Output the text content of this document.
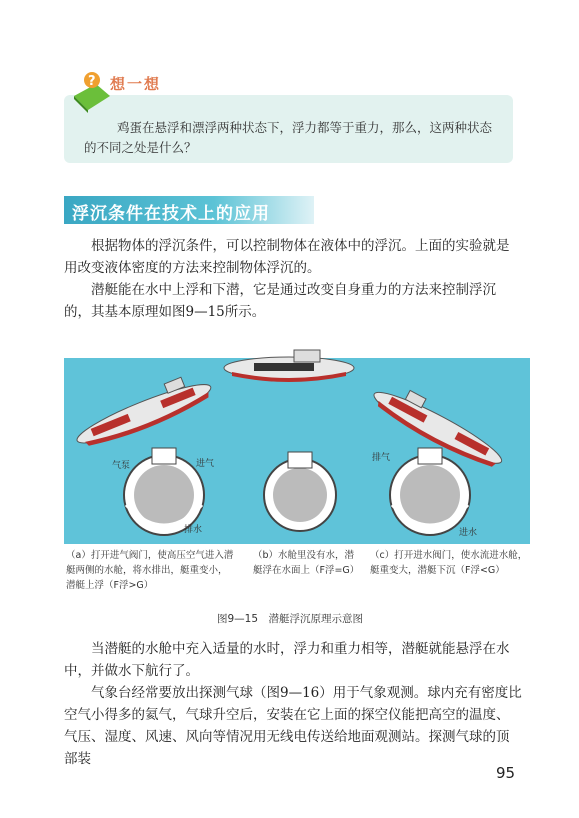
? 想一想
鸡蛋在悬浮和漂浮两种状态下，浮力都等于重力，那么，这两种状态的不同之处是什么？
浮沉条件在技术上的应用
根据物体的浮沉条件，可以控制物体在液体中的浮沉。上面的实验就是用改变液体密度的方法来控制物体浮沉的。
潜艇能在水中上浮和下潜，它是通过改变自身重力的方法来控制浮沉的，其基本原理如图9—15所示。
气泵	进气
排水
排气
进水
（a）打开进气阀门，使高压空气进入潜艇两侧的水舱，将水排出，艇重变小，潜艇上浮（F浮>G）
（b）水舱里没有水，潜艇浮在水面上（F浮=G）
（c）打开进水阀门，使水流进水舱，艇重变大，潜艇下沉（F浮<G）
图9—15　潜艇浮沉原理示意图
当潜艇的水舱中充入适量的水时，浮力和重力相等，潜艇就能悬浮在水中，并做水下航行了。
气象台经常要放出探测气球（图9—16）用于气象观测。球内充有密度比空气小得多的氦气，气球升空后，安装在它上面的探空仪能把高空的温度、气压、湿度、风速、风向等情况用无线电传送给地面观测站。探测气球的顶部装
95
